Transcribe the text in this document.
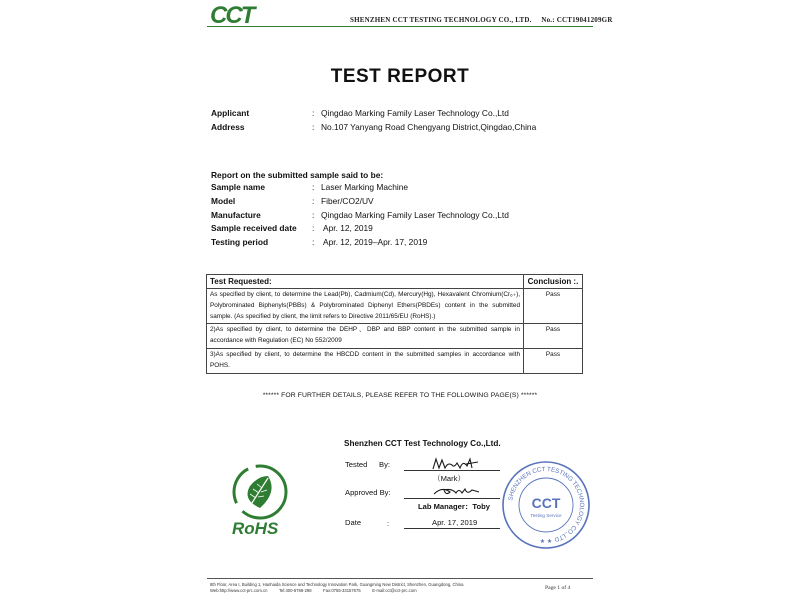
CCT	SHENZHEN CCT TESTING TECHNOLOGY CO., LTD.     No.: CCT19041209GR
TEST REPORT
Applicant	: Qingdao Marking Family Laser Technology Co.,Ltd
Address	: No.107 Yanyang Road Chengyang District,Qingdao,China
Report on the submitted sample said to be:
Sample name	: Laser Marking Machine
Model	: Fiber/CO2/UV
Manufacture	: Qingdao Marking Family Laser Technology Co.,Ltd
Sample received date : Apr. 12, 2019
Testing period	: Apr. 12, 2019–Apr. 17, 2019
Test Requested:	Conclusion :.
As specified by client, to determine the Lead(Pb), Cadmium(Cd), Mercury(Hg), Hexavalent Chromium(Cr₆₊), Polybrominated Biphenyls(PBBs) & Polybrominated Diphenyl Ethers(PBDEs) content in the submitted sample. (As specified by client, the limit refers to Directive 2011/65/EU (RoHS).)	Pass
2)As specified by client, to determine the DEHP、DBP and BBP content in the submitted sample in accordance with Regulation (EC) No 552/2009	Pass
3)As specified by client, to determine the HBCDD content in the submitted samples in accordance with POHS.	Pass
****** FOR FURTHER DETAILS, PLEASE REFER TO THE FOLLOWING PAGE(S) ******
Shenzhen CCT Test Technology Co.,Ltd.
Tested By:
（Mark）
Approved By:
Lab Manager：Toby
Date	:	Apr. 17, 2019
RoHS
SHENZHEN CCT TESTING TECHNOLOGY CO.,LTD
CCT
Testing Service
★ ★
8th Floor, Area I, Building 1, Hanhaida Science and Technology Innovation Park, Guangming New District, Shenzhen, Guangdong, China
Web:http://www.cct-prc.com.cn          Tel:400-6788-298          Fax:0755-33157675          E-mail:cct@cct-prc.com	Page 1 of 4
